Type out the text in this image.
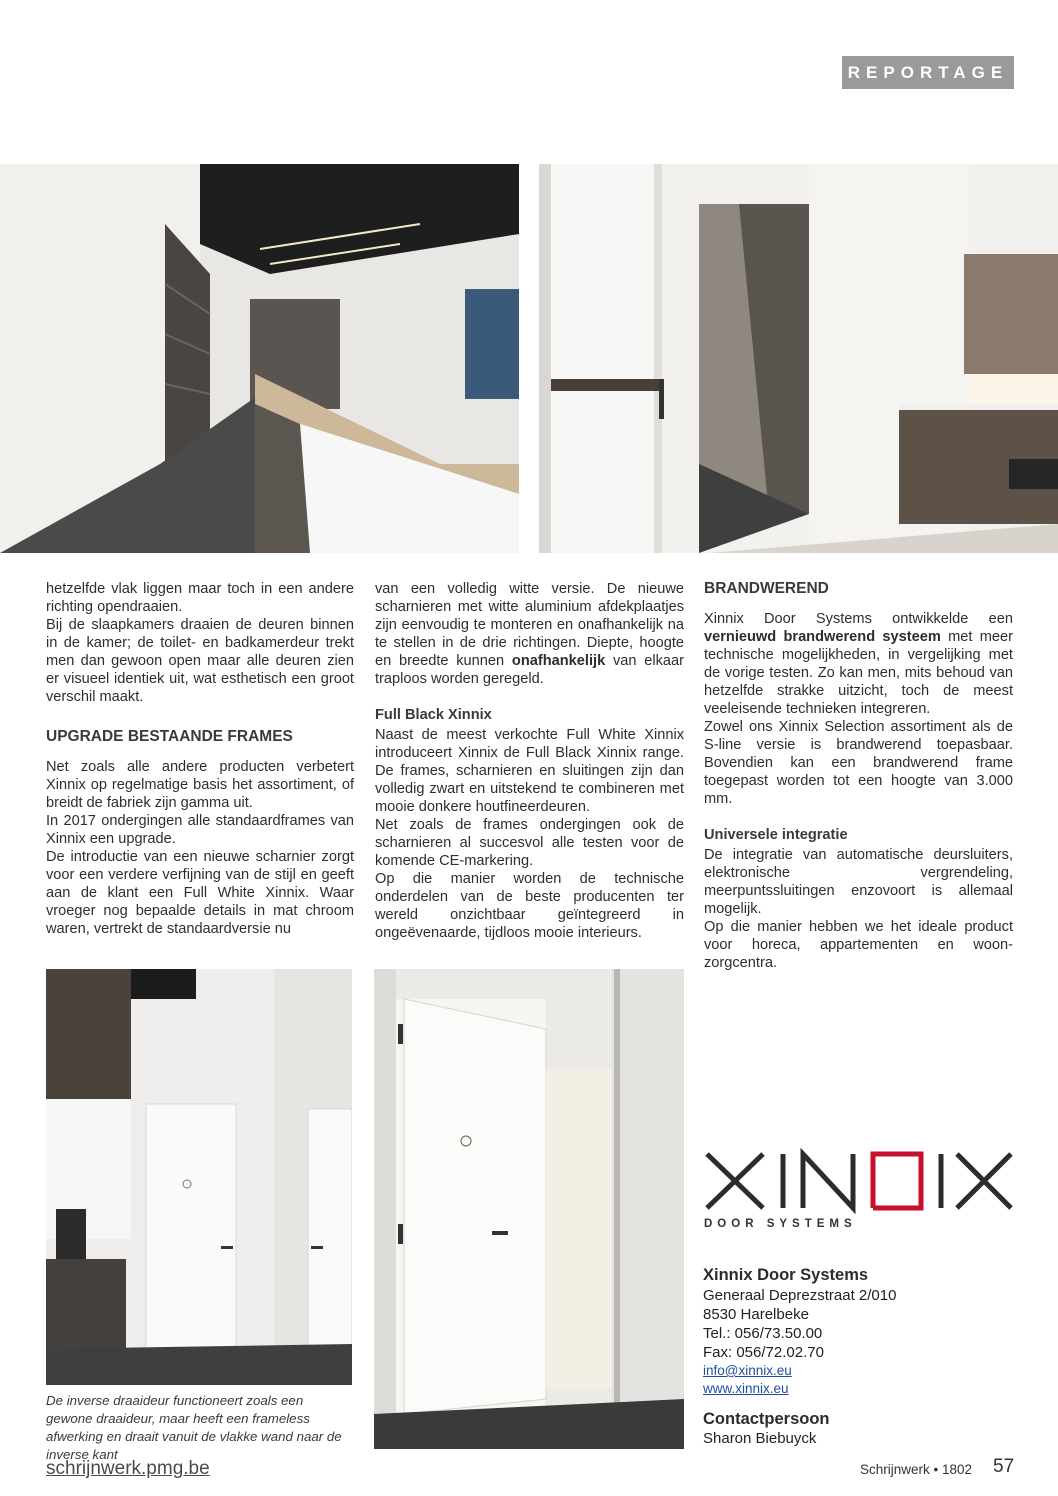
REPORTAGE

hetzelfde vlak liggen maar toch in een andere richting opendraaien.

Bij de slaapkamers draaien de deuren binnen in de kamer; de toilet- en badkamerdeur trekt men dan gewoon open maar alle deuren zien er visueel identiek uit, wat esthetisch een groot verschil maakt.

UPGRADE BESTAANDE FRAMES

Net zoals alle andere producten verbetert Xinnix op regelmatige basis het assortiment, of breidt de fabriek zijn gamma uit.

In 2017 ondergingen alle standaardframes van Xinnix een upgrade.

De introductie van een nieuwe scharnier zorgt voor een verdere verfijning van de stijl en geeft aan de klant een Full White Xinnix. Waar vroeger nog bepaalde details in mat chroom waren, vertrekt de standaardversie nu

van een volledig witte versie. De nieuwe scharnieren met witte aluminium afdekplaatjes zijn eenvoudig te monteren en onafhankelijk na te stellen in de drie richtingen. Diepte, hoogte en breedte kunnen onafhankelijk van elkaar traploos worden geregeld.

Full Black Xinnix

Naast de meest verkochte Full White Xinnix introduceert Xinnix de Full Black Xinnix range. De frames, scharnieren en sluitingen zijn dan volledig zwart en uitstekend te combineren met mooie donkere houtfineerdeuren.

Net zoals de frames ondergingen ook de scharnieren al succesvol alle testen voor de komende CE-markering.

Op die manier worden de technische onderdelen van de beste producenten ter wereld onzichtbaar geïntegreerd in ongeëvenaarde, tijdloos mooie interieurs.

BRANDWEREND

Xinnix Door Systems ontwikkelde een vernieuwd brandwerend systeem met meer technische mogelijkheden, in vergelijking met de vorige testen. Zo kan men, mits behoud van hetzelfde strakke uitzicht, toch de meest veeleisende technieken integreren.

Zowel ons Xinnix Selection assortiment als de S-line versie is brandwerend toepasbaar. Bovendien kan een brandwerend frame toegepast worden tot een hoogte van 3.000 mm.

Universele integratie

De integratie van automatische deursluiters, elektronische vergrendeling, meerpuntssluitingen enzovoort is allemaal mogelijk.

Op die manier hebben we het ideale product voor horeca, appartementen en woon-zorgcentra.

De inverse draaideur functioneert zoals een gewone draaideur, maar heeft een frameless afwerking en draait vanuit de vlakke wand naar de inverse kant
DOOR SYSTEMS
Xinnix Door Systems
Generaal Deprezstraat 2/010
8530 Harelbeke
Tel.: 056/73.50.00
Fax: 056/72.02.70
info@xinnix.eu
www.xinnix.eu
Contactpersoon
Sharon Biebuyck
schrijnwerk.pmg.be	Schrijnwerk • 1802 57
